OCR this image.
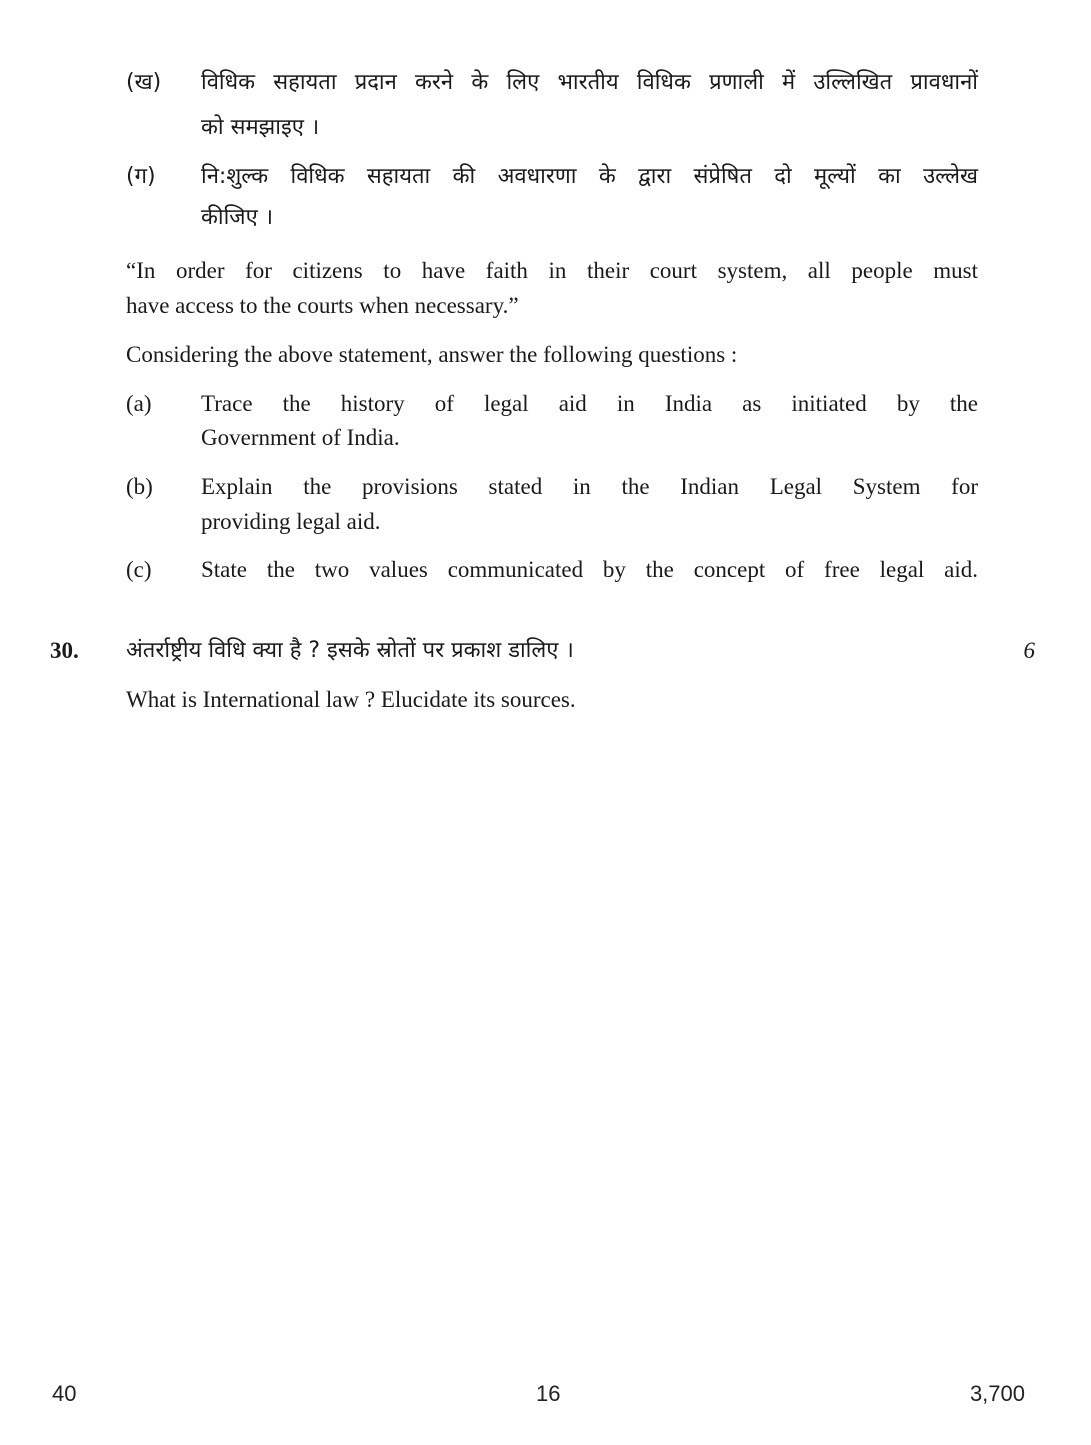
(ख) विधिक सहायता प्रदान करने के लिए भारतीय विधिक प्रणाली में उल्लिखित प्रावधानों
को समझाइए ।
(ग) नि:शुल्क विधिक सहायता की अवधारणा के द्वारा संप्रेषित दो मूल्यों का उल्लेख
कीजिए ।
“In order for citizens to have faith in their court system, all people must
have access to the courts when necessary.”
Considering the above statement, answer the following questions :
(a) Trace the history of legal aid in India as initiated by the
Government of India.
(b) Explain the provisions stated in the Indian Legal System for
providing legal aid.
(c) State the two values communicated by the concept of free legal aid.
30. अंतर्राष्ट्रीय विधि क्या है ? इसके स्रोतों पर प्रकाश डालिए ।	6
What is International law ? Elucidate its sources.
40	16	3,700
